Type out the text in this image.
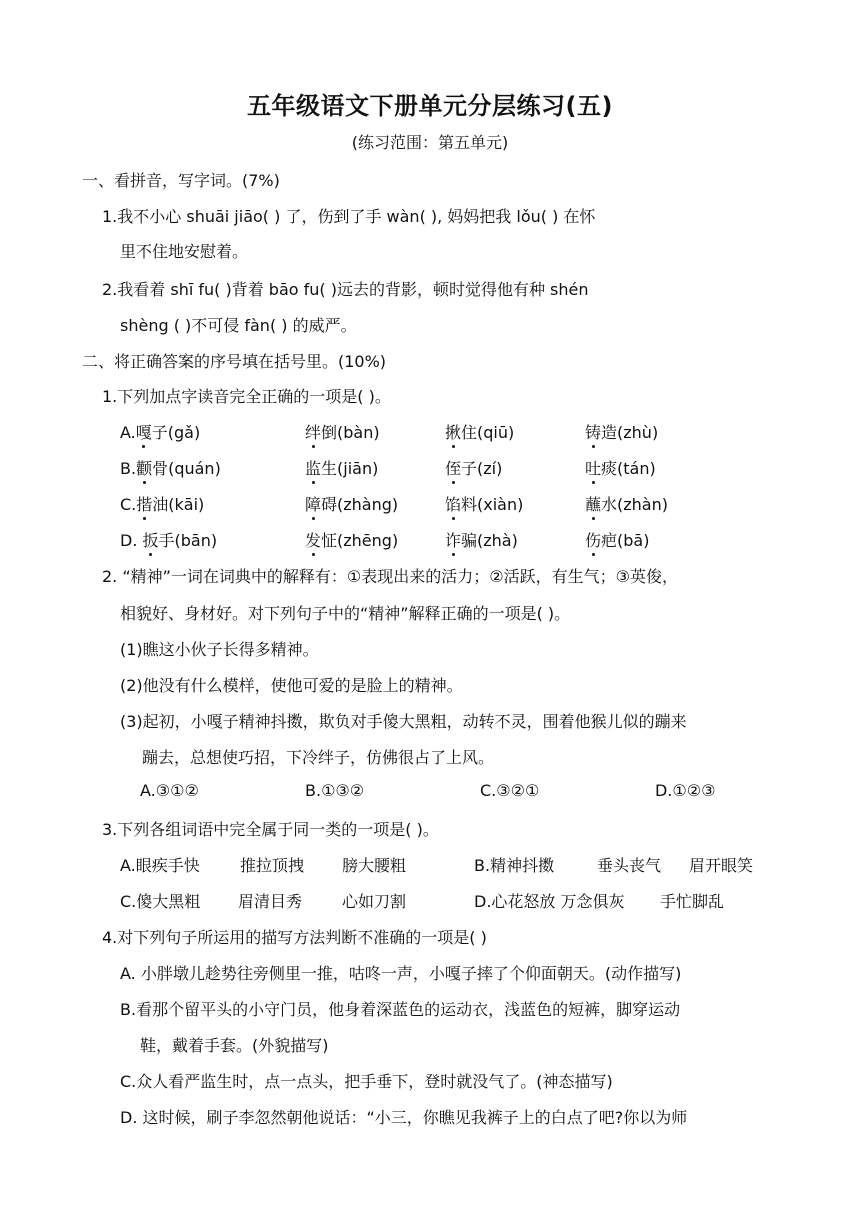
五年级语文下册单元分层练习(五)
(练习范围：第五单元)
一、看拼音，写字词。(7%)
1.我不小心 shuāi jiāo( ) 了，伤到了手 wàn( ), 妈妈把我 lǒu( ) 在怀
里不住地安慰着。
2.我看着 shī fu( )背着 bāo fu( )远去的背影，顿时觉得他有种 shén
shèng ( )不可侵 fàn( ) 的威严。
二、将正确答案的序号填在括号里。(10%)
1.下列加点字读音完全正确的一项是( )。
A.嘎子(gǎ)	绊倒(bàn)	揪住(qiū)	铸造(zhù)
B.颧骨(quán)	监生(jiān)	侄子(zí)	吐痰(tán)
C.揩油(kāi)	障碍(zhàng)	馅料(xiàn)	蘸水(zhàn)
D. 扳手(bān)	发怔(zhēng)	诈骗(zhà)	伤疤(bā)
2. “精神”一词在词典中的解释有：①表现出来的活力；②活跃，有生气；③英俊，
相貌好、身材好。对下列句子中的“精神”解释正确的一项是( )。
(1)瞧这小伙子长得多精神。
(2)他没有什么模样，使他可爱的是脸上的精神。
(3)起初，小嘎子精神抖擞，欺负对手傻大黑粗，动转不灵，围着他猴儿似的蹦来
蹦去，总想使巧招，下冷绊子，仿佛很占了上风。
A.③①②	B.①③②	C.③②①	D.①②③
3.下列各组词语中完全属于同一类的一项是( )。
A.眼疾手快	推拉顶拽 膀大腰粗	B.精神抖擞	垂头丧气 眉开眼笑
C.傻大黑粗 眉清目秀 心如刀割	D.心花怒放 万念俱灰 手忙脚乱
4.对下列句子所运用的描写方法判断不准确的一项是( )
A. 小胖墩儿趁势往旁侧里一推，咕咚一声，小嘎子摔了个仰面朝天。(动作描写)
B.看那个留平头的小守门员，他身着深蓝色的运动衣，浅蓝色的短裤，脚穿运动
鞋，戴着手套。(外貌描写)
C.众人看严监生时，点一点头，把手垂下，登时就没气了。(神态描写)
D. 这时候，刷子李忽然朝他说话：“小三，你瞧见我裤子上的白点了吧?你以为师
